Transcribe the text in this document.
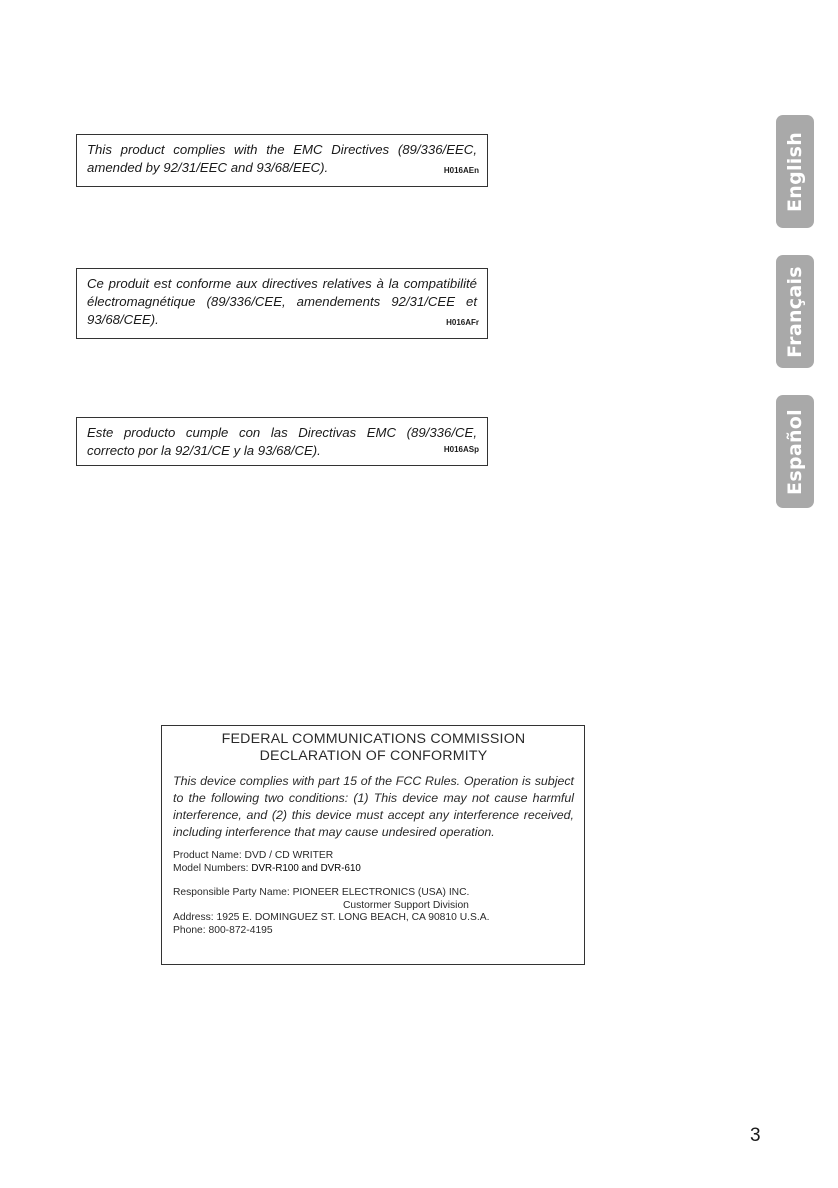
This product complies with the EMC Directives (89/336/EEC, amended by 92/31/EEC and 93/68/EEC).	H016AEn
Ce produit est conforme aux directives relatives à la compatibilité électromagnétique (89/336/CEE, amendements 92/31/CEE et 93/68/CEE).	H016AFr
Este producto cumple con las Directivas EMC (89/336/CE, correcto por la 92/31/CE y la 93/68/CE).	H016ASp
English
Français
Español
FEDERAL COMMUNICATIONS COMMISSION
DECLARATION OF CONFORMITY
This device complies with part 15 of the FCC Rules. Operation is subject to the following two conditions: (1) This device may not cause harmful interference, and (2) this device must accept any interference received, including interference that may cause undesired operation.
Product Name: DVD / CD WRITER
Model Numbers: DVR-R100 and DVR-610
Responsible Party Name: PIONEER ELECTRONICS (USA) INC.
Custormer Support Division
Address: 1925 E. DOMINGUEZ ST. LONG BEACH, CA 90810 U.S.A.
Phone: 800-872-4195
3
